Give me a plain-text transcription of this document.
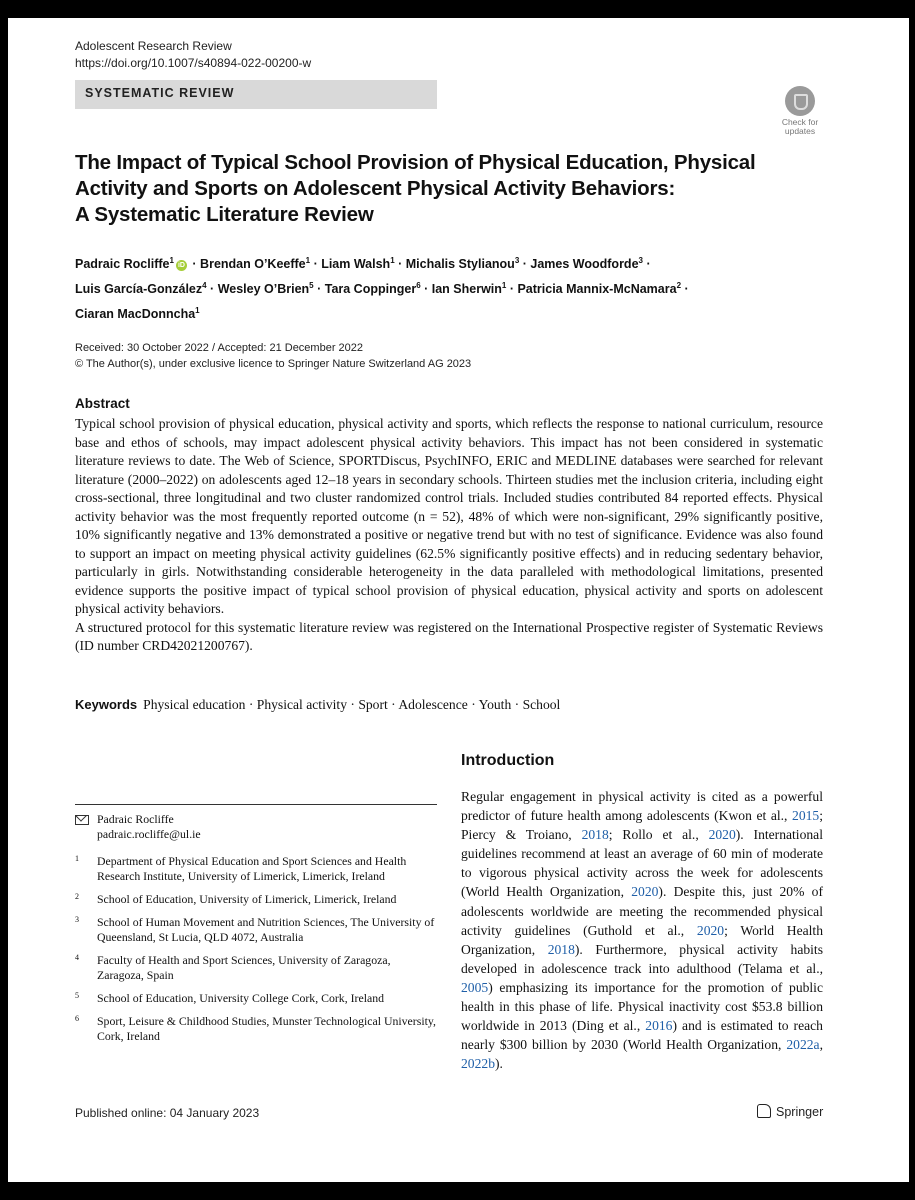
Adolescent Research Review
https://doi.org/10.1007/s40894-022-00200-w
SYSTEMATIC REVIEW
Check for
updates
The Impact of Typical School Provision of Physical Education, Physical
Activity and Sports on Adolescent Physical Activity Behaviors:
A Systematic Literature Review
Padraic Rocliffe$^1$iD · Brendan O’Keeffe$^1$ · Liam Walsh$^1$ · Michalis Stylianou$^3$ · James Woodforde$^3$ ·
Luis García-González$^4$ · Wesley O’Brien$^5$ · Tara Coppinger$^6$ · Ian Sherwin$^1$ · Patricia Mannix-McNamara$^2$ ·
Ciaran MacDonncha$^1$
Received: 30 October 2022 / Accepted: 21 December 2022
© The Author(s), under exclusive licence to Springer Nature Switzerland AG 2023
Abstract

Typical school provision of physical education, physical activity and sports, which reflects the response to national curriculum, resource base and ethos of schools, may impact adolescent physical activity behaviors. This impact has not been considered in systematic literature reviews to date. The Web of Science, SPORTDiscus, PsychINFO, ERIC and MEDLINE databases were searched for relevant literature (2000–2022) on adolescents aged 12–18 years in secondary schools. Thirteen studies met the inclusion criteria, including eight cross-sectional, three longitudinal and two cluster randomized control trials. Included studies contributed 84 reported effects. Physical activity behavior was the most frequently reported outcome (n = 52), 48% of which were non-significant, 29% significantly positive, 10% significantly negative and 13% demonstrated a positive or negative trend but with no test of significance. Evidence was also found to support an impact on meeting physical activity guidelines (62.5% significantly positive effects) and in reducing sedentary behavior, particularly in girls. Notwithstanding considerable heterogeneity in the data paralleled with methodological limitations, presented evidence supports the positive impact of typical school provision of physical education, physical activity and sports on adolescent physical activity behaviors.

A structured protocol for this systematic literature review was registered on the International Prospective register of Systematic Reviews (ID number CRD42021200767).

Keywords Physical education · Physical activity · Sport · Adolescence · Youth · School
Introduction
Regular engagement in physical activity is cited as a powerful predictor of future health among adolescents (Kwon et al., 2015; Piercy & Troiano, 2018; Rollo et al., 2020). International guidelines recommend at least an average of 60 min of moderate to vigorous physical activity across the week for adolescents (World Health Organization, 2020). Despite this, just 20% of adolescents worldwide are meeting the recommended physical activity guidelines (Guthold et al., 2020; World Health Organization, 2018). Furthermore, physical activity habits developed in adolescence track into adulthood (Telama et al., 2005) emphasizing its importance for the promotion of public health in this phase of life. Physical inactivity cost $53.8 billion worldwide in 2013 (Ding et al., 2016) and is estimated to reach nearly $300 billion by 2030 (World Health Organization, 2022a, 2022b).
Padraic Rocliffe
padraic.rocliffe@ul.ie
1 Department of Physical Education and Sport Sciences and Health Research Institute, University of Limerick, Limerick, Ireland
2 School of Education, University of Limerick, Limerick, Ireland
3 School of Human Movement and Nutrition Sciences, The University of Queensland, St Lucia, QLD 4072, Australia
4 Faculty of Health and Sport Sciences, University of Zaragoza, Zaragoza, Spain
5 School of Education, University College Cork, Cork, Ireland
6 Sport, Leisure & Childhood Studies, Munster Technological University, Cork, Ireland
Published online: 04 January 2023	Springer
